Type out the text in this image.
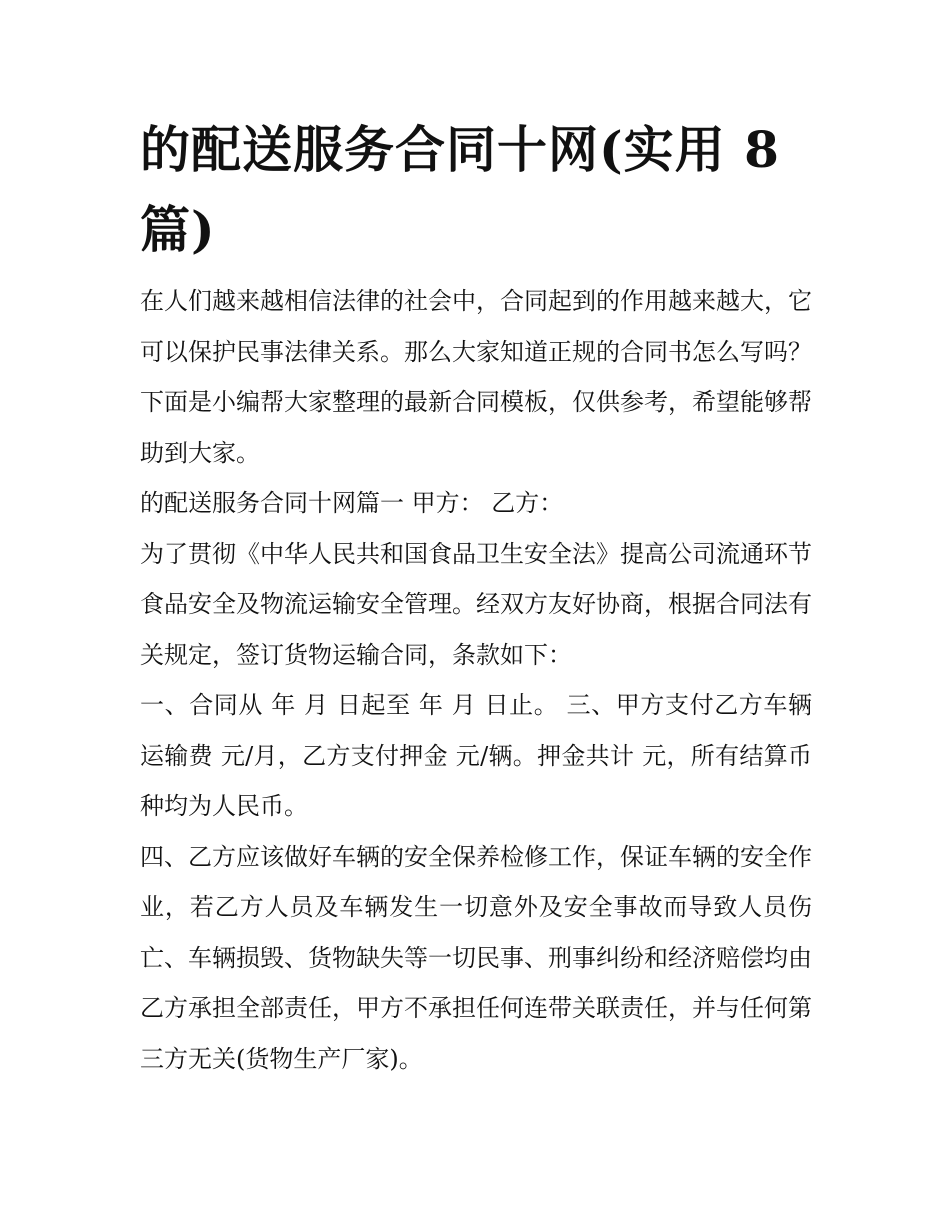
的配送服务合同十网(实用 8 篇)

在人们越来越相信法律的社会中，合同起到的作用越来越大，它可以保护民事法律关系。那么大家知道正规的合同书怎么写吗？下面是小编帮大家整理的最新合同模板，仅供参考，希望能够帮助到大家。

的配送服务合同十网篇一 甲方： 乙方：

为了贯彻《中华人民共和国食品卫生安全法》提高公司流通环节食品安全及物流运输安全管理。经双方友好协商，根据合同法有关规定，签订货物运输合同，条款如下：

一、合同从 年 月 日起至 年 月 日止。 三、甲方支付乙方车辆运输费 元/月，乙方支付押金 元/辆。押金共计 元，所有结算币种均为人民币。

四、乙方应该做好车辆的安全保养检修工作，保证车辆的安全作业，若乙方人员及车辆发生一切意外及安全事故而导致人员伤亡、车辆损毁、货物缺失等一切民事、刑事纠纷和经济赔偿均由乙方承担全部责任，甲方不承担任何连带关联责任，并与任何第三方无关(货物生产厂家)。
